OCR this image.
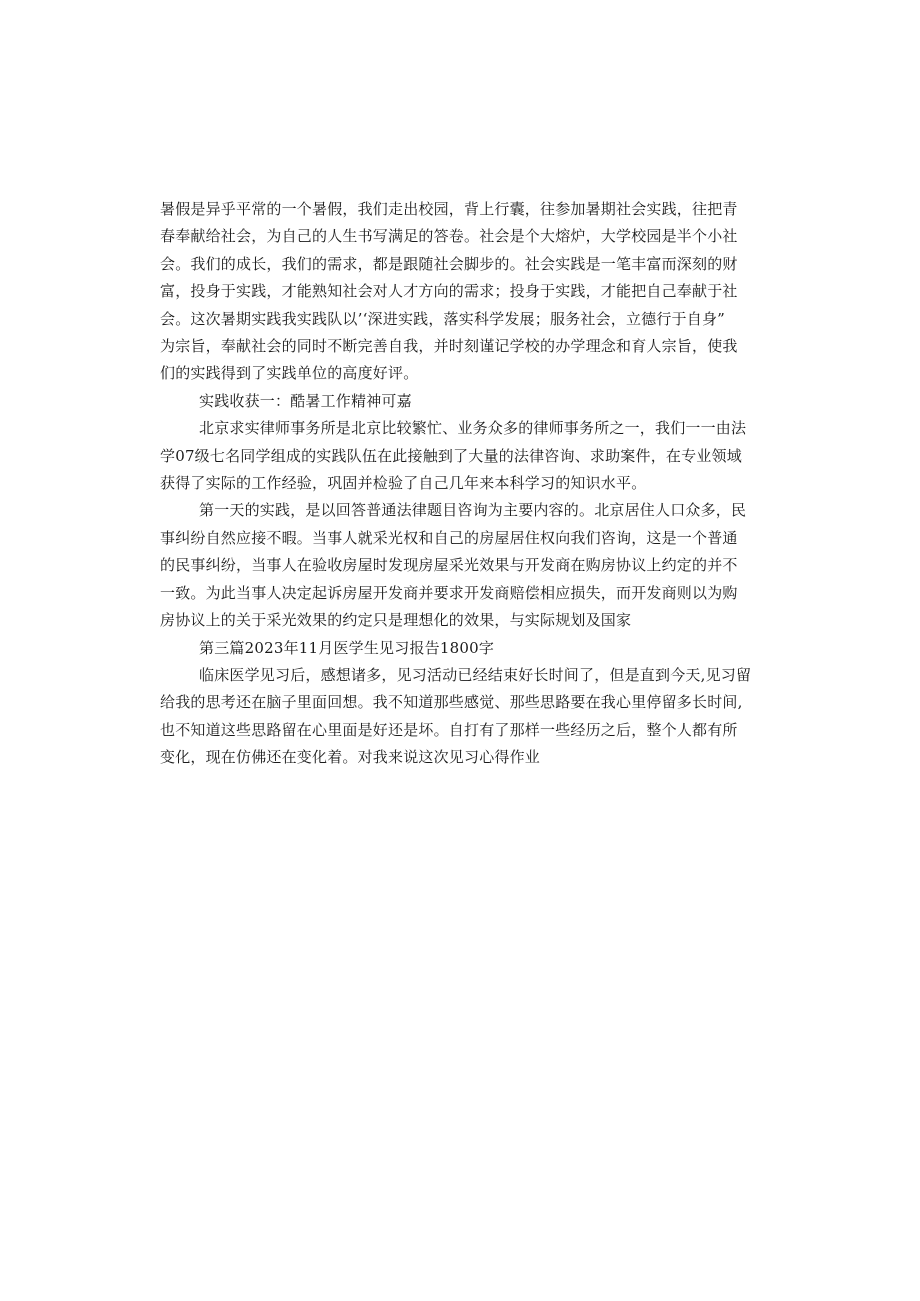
暑假是异乎平常的一个暑假，我们走出校园，背上行囊，往参加暑期社会实践，往把青
春奉献给社会，为自己的人生书写满足的答卷。社会是个大熔炉，大学校园是半个小社
会。我们的成长，我们的需求，都是跟随社会脚步的。社会实践是一笔丰富而深刻的财
富，投身于实践，才能熟知社会对人才方向的需求；投身于实践，才能把自己奉献于社
会。这次暑期实践我实践队以’‘深进实践，落实科学发展；服务社会，立德行于自身”
为宗旨，奉献社会的同时不断完善自我，并时刻谨记学校的办学理念和育人宗旨，使我
们的实践得到了实践单位的高度好评。

实践收获一：酷暑工作精神可嘉

北京求实律师事务所是北京比较繁忙、业务众多的律师事务所之一，我们一一由法
学07级七名同学组成的实践队伍在此接触到了大量的法律咨询、求助案件，在专业领域
获得了实际的工作经验，巩固并检验了自己几年来本科学习的知识水平。

第一天的实践，是以回答普通法律题目咨询为主要内容的。北京居住人口众多，民
事纠纷自然应接不暇。当事人就采光权和自己的房屋居住权向我们咨询，这是一个普通
的民事纠纷，当事人在验收房屋时发现房屋采光效果与开发商在购房协议上约定的并不
一致。为此当事人决定起诉房屋开发商并要求开发商赔偿相应损失，而开发商则以为购
房协议上的关于采光效果的约定只是理想化的效果，与实际规划及国家

第三篇2023年11月医学生见习报告1800字

临床医学见习后，感想诸多，见习活动已经结束好长时间了，但是直到今天,见习留
给我的思考还在脑子里面回想。我不知道那些感觉、那些思路要在我心里停留多长时间,
也不知道这些思路留在心里面是好还是坏。自打有了那样一些经历之后，整个人都有所
变化，现在仿佛还在变化着。对我来说这次见习心得作业
